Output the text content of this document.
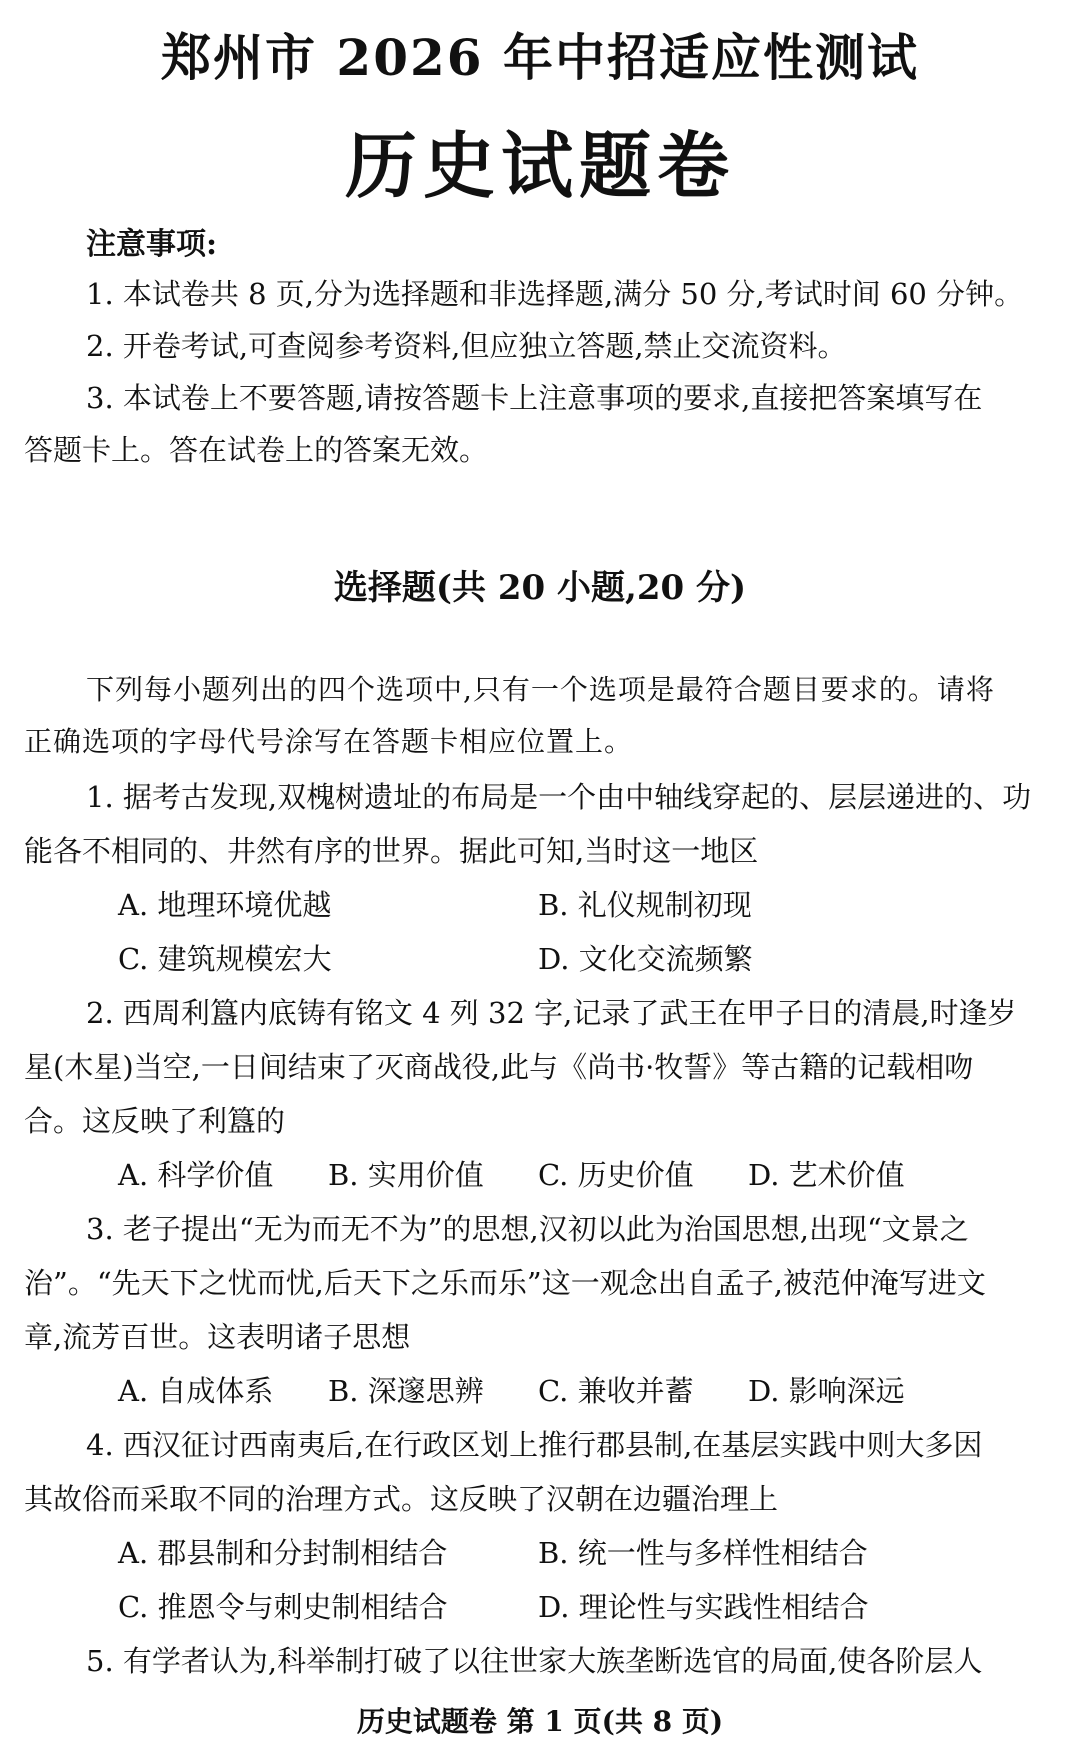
郑州市 2026 年中招适应性测试
历史试题卷
注意事项:
1. 本试卷共 8 页,分为选择题和非选择题,满分 50 分,考试时间 60 分钟。
2. 开卷考试,可查阅参考资料,但应独立答题,禁止交流资料。
3. 本试卷上不要答题,请按答题卡上注意事项的要求,直接把答案填写在
答题卡上。答在试卷上的答案无效。
选择题(共 20 小题,20 分)
下列每小题列出的四个选项中,只有一个选项是最符合题目要求的。请将
正确选项的字母代号涂写在答题卡相应位置上。
1. 据考古发现,双槐树遗址的布局是一个由中轴线穿起的、层层递进的、功
能各不相同的、井然有序的世界。据此可知,当时这一地区
A. 地理环境优越	B. 礼仪规制初现
C. 建筑规模宏大	D. 文化交流频繁
2. 西周利簋内底铸有铭文 4 列 32 字,记录了武王在甲子日的清晨,时逢岁
星(木星)当空,一日间结束了灭商战役,此与《尚书·牧誓》等古籍的记载相吻
合。这反映了利簋的
A. 科学价值	B. 实用价值	C. 历史价值	D. 艺术价值
3. 老子提出“无为而无不为”的思想,汉初以此为治国思想,出现“文景之
治”。“先天下之忧而忧,后天下之乐而乐”这一观念出自孟子,被范仲淹写进文
章,流芳百世。这表明诸子思想
A. 自成体系	B. 深邃思辨	C. 兼收并蓄	D. 影响深远
4. 西汉征讨西南夷后,在行政区划上推行郡县制,在基层实践中则大多因
其故俗而采取不同的治理方式。这反映了汉朝在边疆治理上
A. 郡县制和分封制相结合	B. 统一性与多样性相结合
C. 推恩令与刺史制相结合	D. 理论性与实践性相结合
5. 有学者认为,科举制打破了以往世家大族垄断选官的局面,使各阶层人
历史试题卷 第 1 页(共 8 页)
